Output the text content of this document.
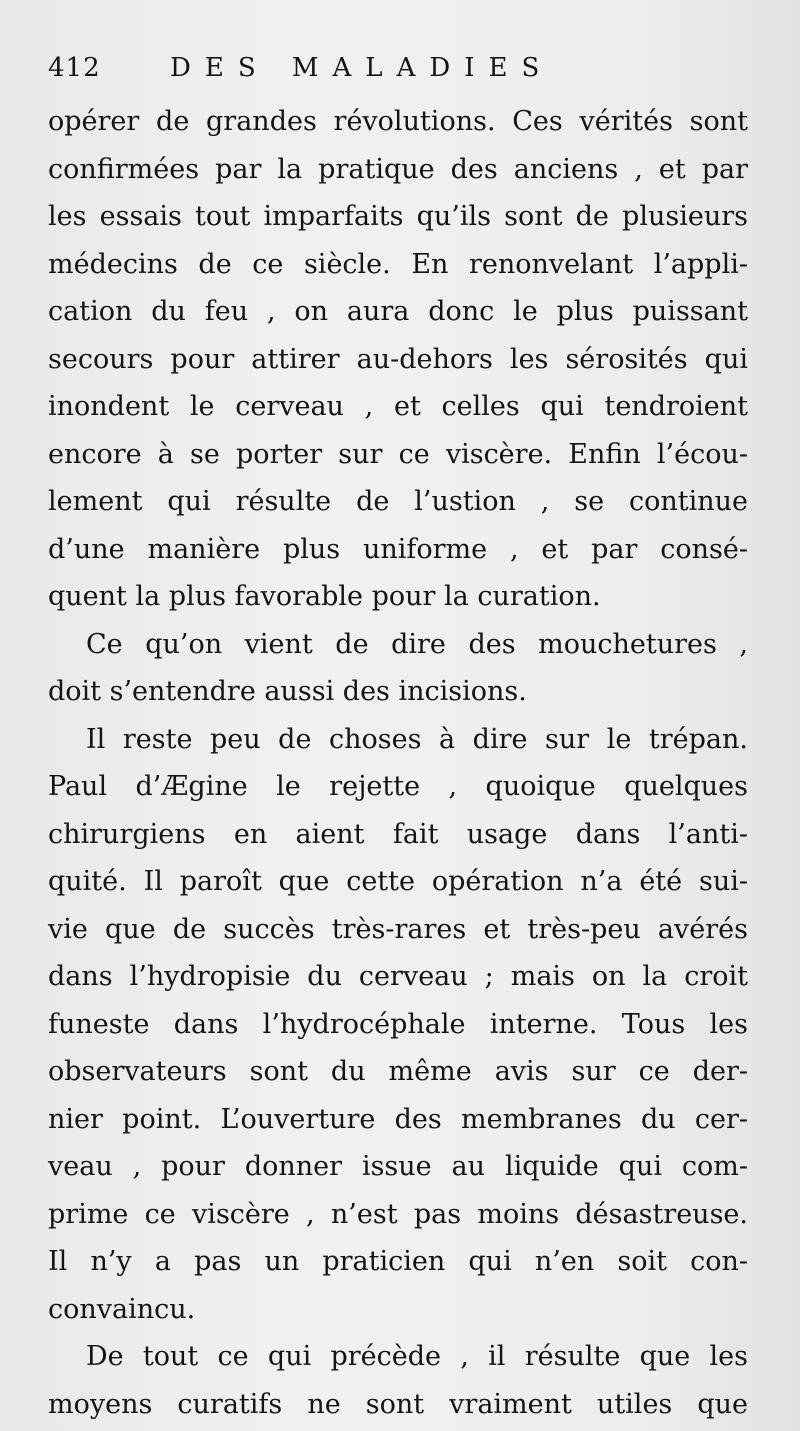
412	DES MALADIES
opérer de grandes révolutions. Ces vérités sont
confirmées par la pratique des anciens , et par
les essais tout imparfaits qu’ils sont de plusieurs
médecins de ce siècle. En renonvelant l’appli-
cation du feu , on aura donc le plus puissant
secours pour attirer au-dehors les sérosités qui
inondent le cerveau , et celles qui tendroient
encore à se porter sur ce viscère. Enfin l’écou-
lement qui résulte de l’ustion , se continue
d’une manière plus uniforme , et par consé-
quent la plus favorable pour la curation.
Ce qu’on vient de dire des mouchetures ,
doit s’entendre aussi des incisions.
Il reste peu de choses à dire sur le trépan.
Paul d’Ægine le rejette , quoique quelques
chirurgiens en aient fait usage dans l’anti-
quité. Il paroît que cette opération n’a été sui-
vie que de succès très-rares et très-peu avérés
dans l’hydropisie du cerveau ; mais on la croit
funeste dans l’hydrocéphale interne. Tous les
observateurs sont du même avis sur ce der-
nier point. L’ouverture des membranes du cer-
veau , pour donner issue au liquide qui com-
prime ce viscère , n’est pas moins désastreuse.
Il n’y a pas un praticien qui n’en soit con-
convaincu.
De tout ce qui précède , il résulte que les
moyens curatifs ne sont vraiment utiles que
